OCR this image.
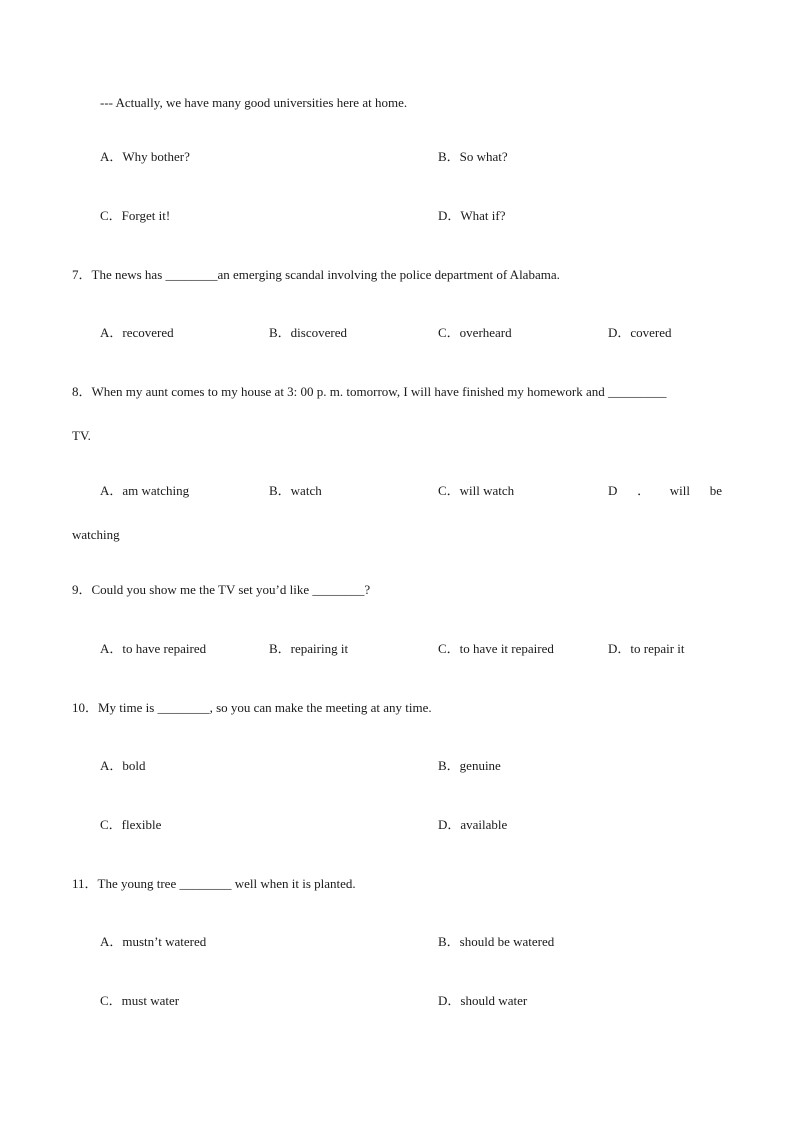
--- Actually, we have many good universities here at home.
A．Why bother?	B．So what?
C．Forget it!	D．What if?
7．The news has ________an emerging scandal involving the police department of Alabama.
A．recovered	B．discovered	C．overheard	D．covered
8．When my aunt comes to my house at 3: 00 p. m. tomorrow, I will have finished my homework and _________
TV.
A．am watching	B．watch	C．will watch	D ． will be
watching
9．Could you show me the TV set you’d like ________?
A．to have repaired	B．repairing it	C．to have it repaired	D．to repair it
10．My time is ________, so you can make the meeting at any time.
A．bold	B．genuine
C．flexible	D．available
11．The young tree ________ well when it is planted.
A．mustn’t watered	B．should be watered
C．must water	D．should water
